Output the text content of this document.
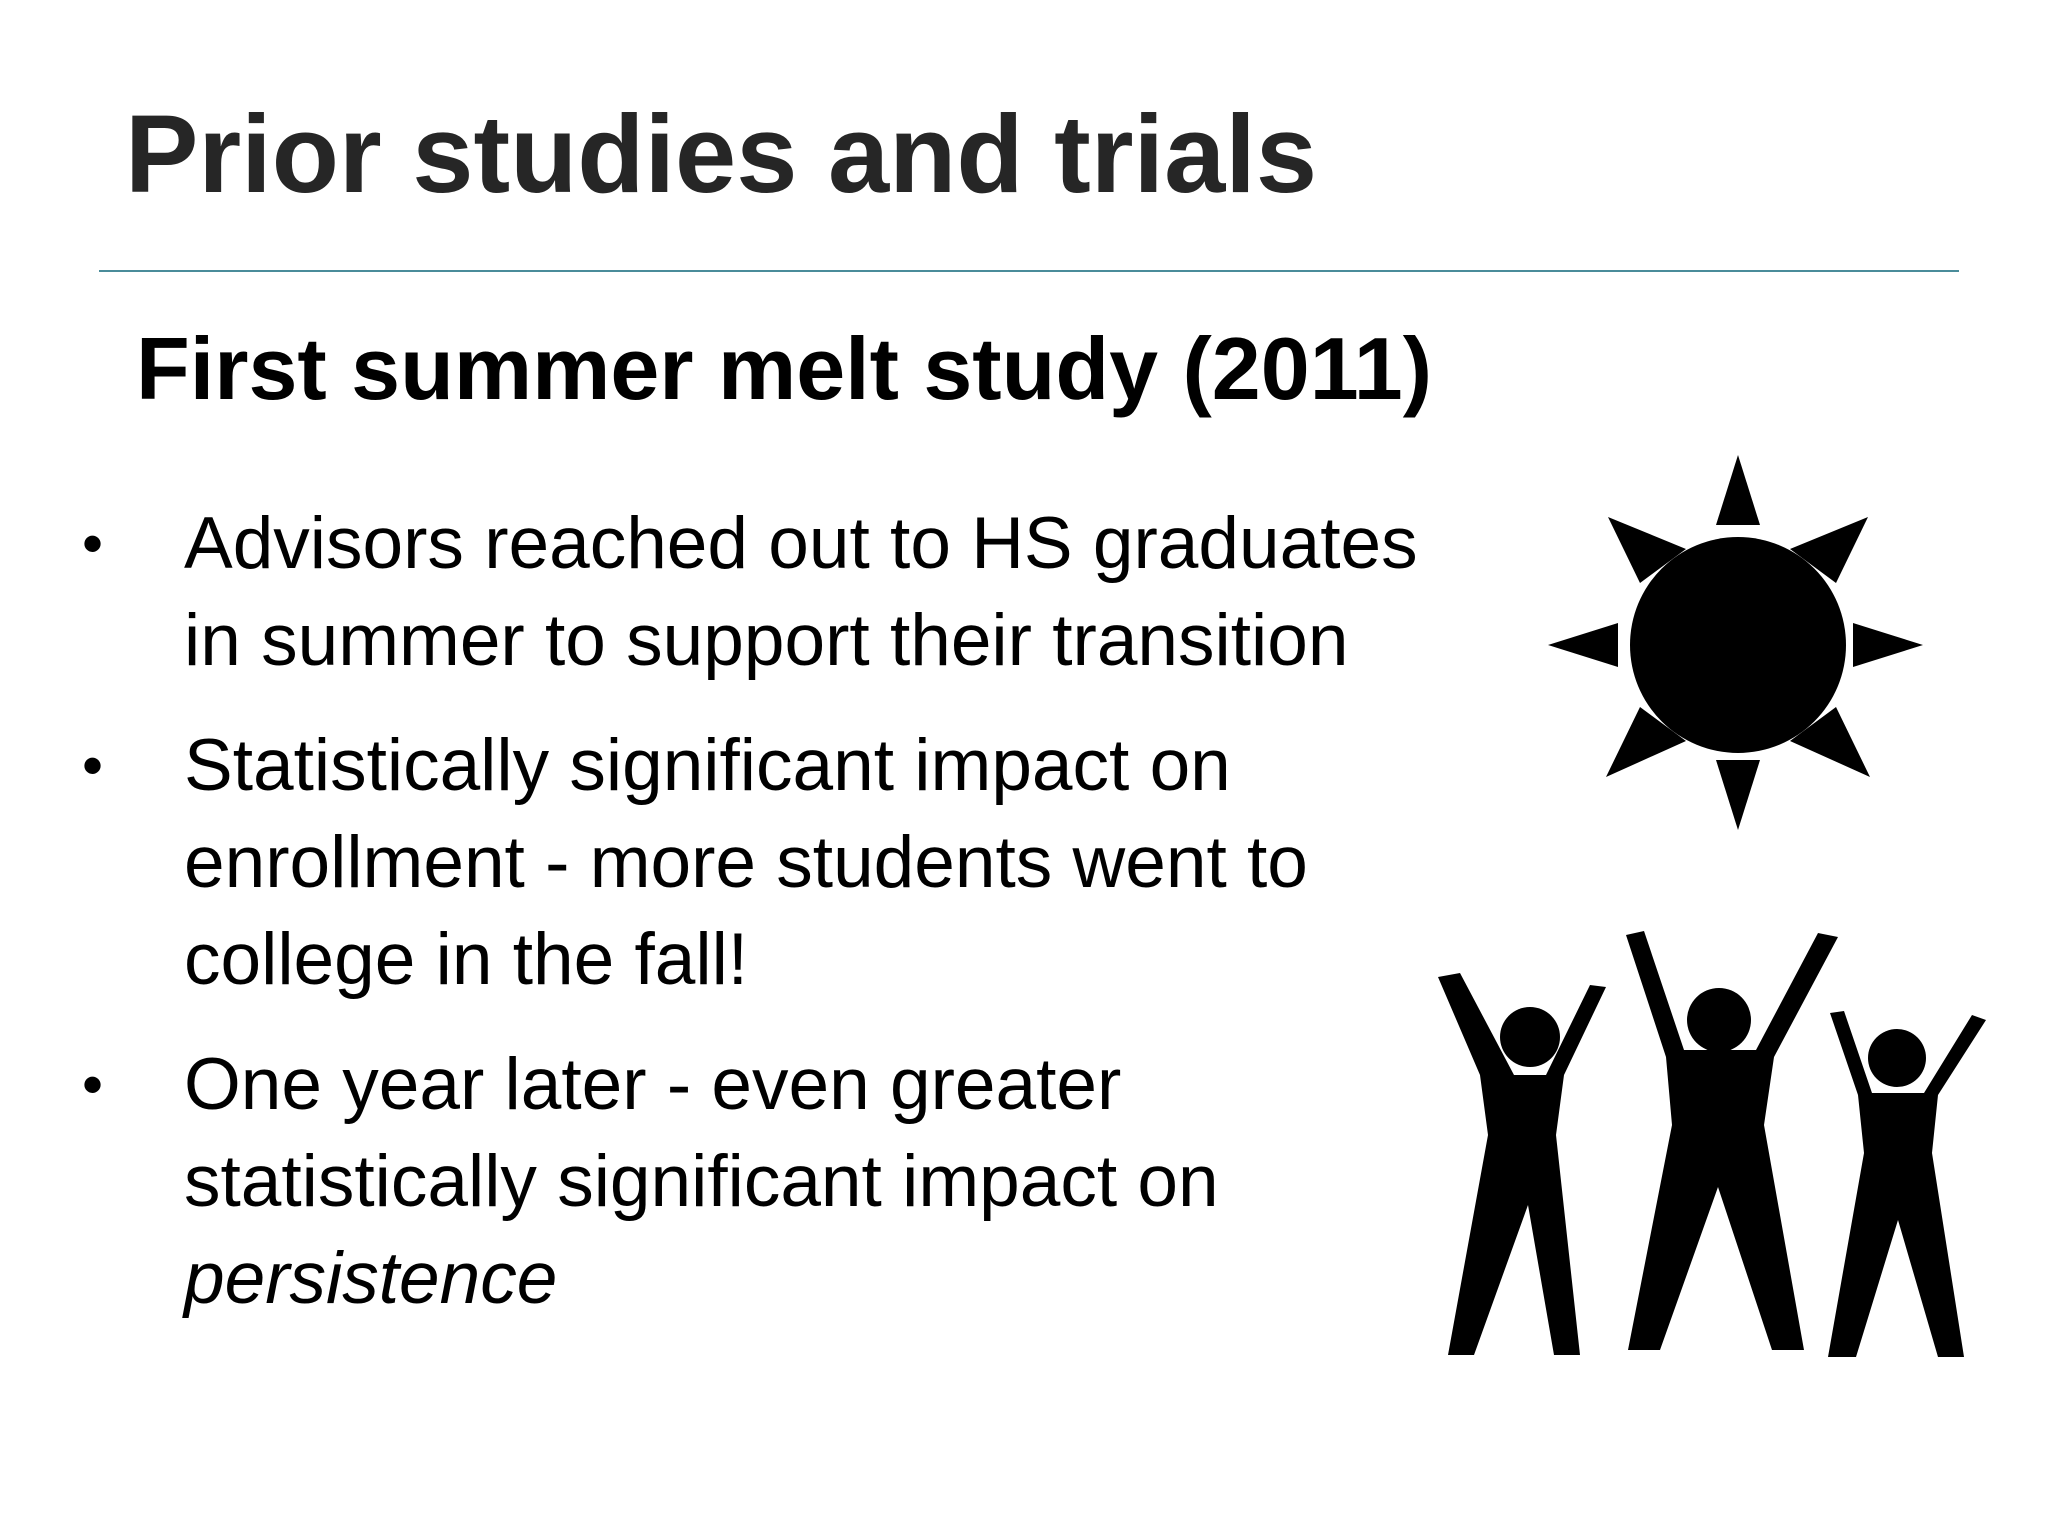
Prior studies and trials
First summer melt study (2011)
• Advisors reached out to HS graduates
in summer to support their transition
• Statistically significant impact on
enrollment - more students went to
college in the fall!
• One year later - even greater
statistically significant impact on
persistence
